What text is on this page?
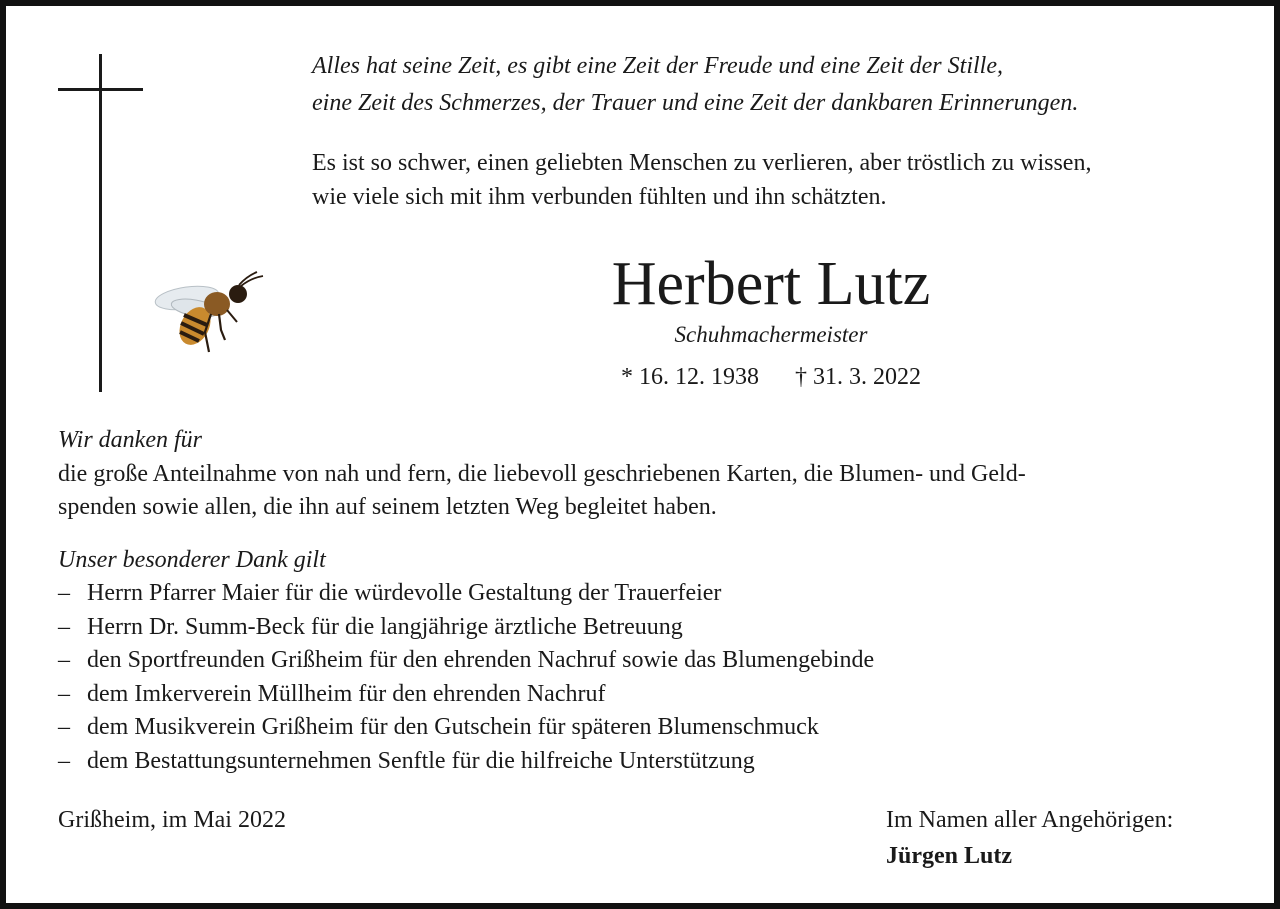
Alles hat seine Zeit, es gibt eine Zeit der Freude und eine Zeit der Stille,
eine Zeit des Schmerzes, der Trauer und eine Zeit der dankbaren Erinnerungen.
Es ist so schwer, einen geliebten Menschen zu verlieren, aber tröstlich zu wissen,
wie viele sich mit ihm verbunden fühlten und ihn schätzten.
Herbert Lutz
Schuhmachermeister
* 16. 12. 1938 † 31. 3. 2022
Wir danken für
die große Anteilnahme von nah und fern, die liebevoll geschriebenen Karten, die Blumen- und Geld-
spenden sowie allen, die ihn auf seinem letzten Weg begleitet haben.
Unser besonderer Dank gilt
– Herrn Pfarrer Maier für die würdevolle Gestaltung der Trauerfeier
– Herrn Dr. Summ-Beck für die langjährige ärztliche Betreuung
– den Sportfreunden Grißheim für den ehrenden Nachruf sowie das Blumengebinde
– dem Imkerverein Müllheim für den ehrenden Nachruf
– dem Musikverein Grißheim für den Gutschein für späteren Blumenschmuck
– dem Bestattungsunternehmen Senftle für die hilfreiche Unterstützung
Grißheim, im Mai 2022	Im Namen aller Angehörigen:
Jürgen Lutz
